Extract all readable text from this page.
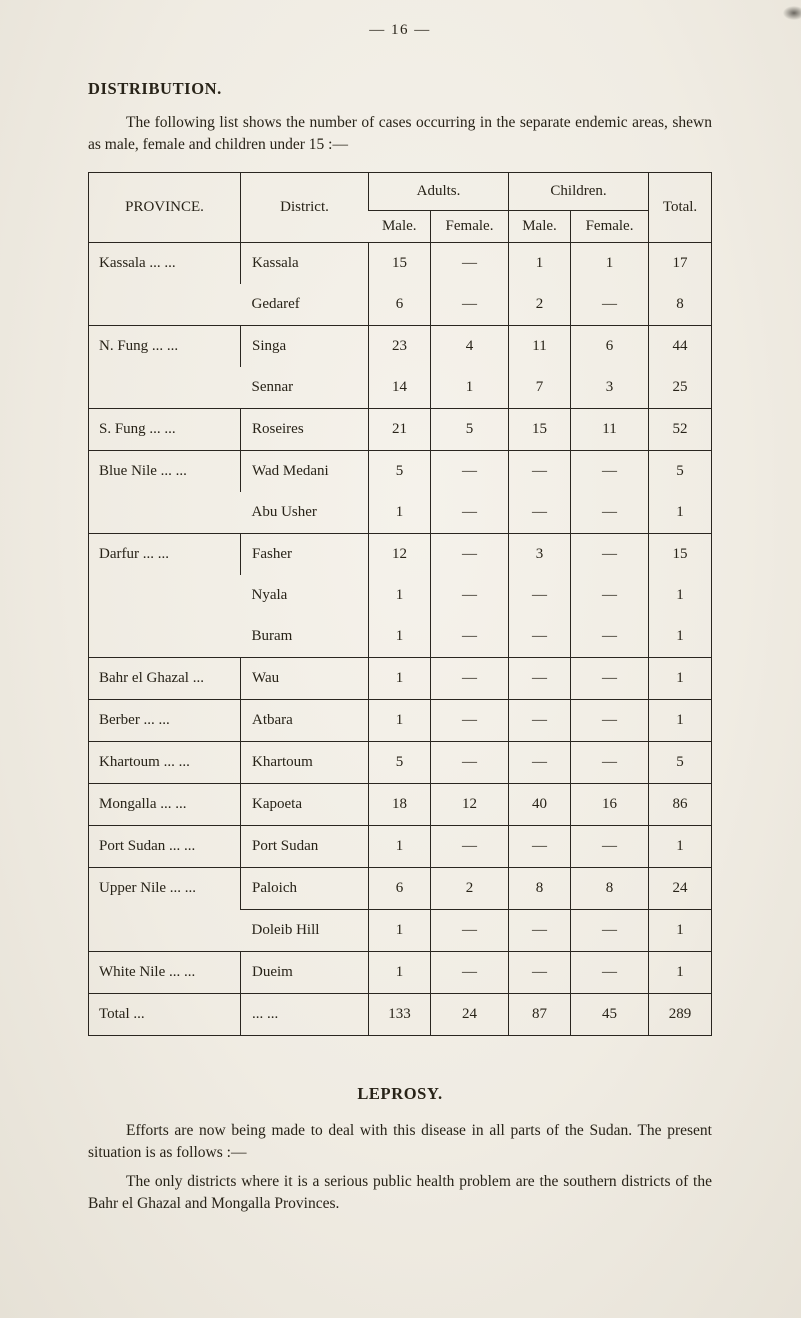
— 16 —
DISTRIBUTION.

The following list shows the number of cases occurring in the separate endemic areas, shewn as male, female and children under 15 :—

PROVINCE.	District.	Adults.		Children.		Total.
		Male.	Female.	Male.	Female.	
Kassala ... ...	Kassala	15	—	1	1	17
	Gedaref	6	—	2	—	8
N. Fung ... ...	Singa	23	4	11	6	44
	Sennar	14	1	7	3	25
S. Fung ... ...	Roseires	21	5	15	11	52
Blue Nile ... ...	Wad Medani	5	—	—	—	5
	Abu Usher	1	—	—	—	1
Darfur ... ...	Fasher	12	—	3	—	15
	Nyala	1	—	—	—	1
	Buram	1	—	—	—	1
Bahr el Ghazal ...	Wau	1	—	—	—	1
Berber ... ...	Atbara	1	—	—	—	1
Khartoum ... ...	Khartoum	5	—	—	—	5
Mongalla ... ...	Kapoeta	18	12	40	16	86
Port Sudan ... ...	Port Sudan	1	—	—	—	1
Upper Nile ... ...	Paloich	6	2	8	8	24
	Doleib Hill	1	—	—	—	1
White Nile ... ...	Dueim	1	—	—	—	1
Total ...	... ...	133	24	87	45	289
LEPROSY.

Efforts are now being made to deal with this disease in all parts of the Sudan. The present situation is as follows :—

The only districts where it is a serious public health problem are the southern districts of the Bahr el Ghazal and Mongalla Provinces.
